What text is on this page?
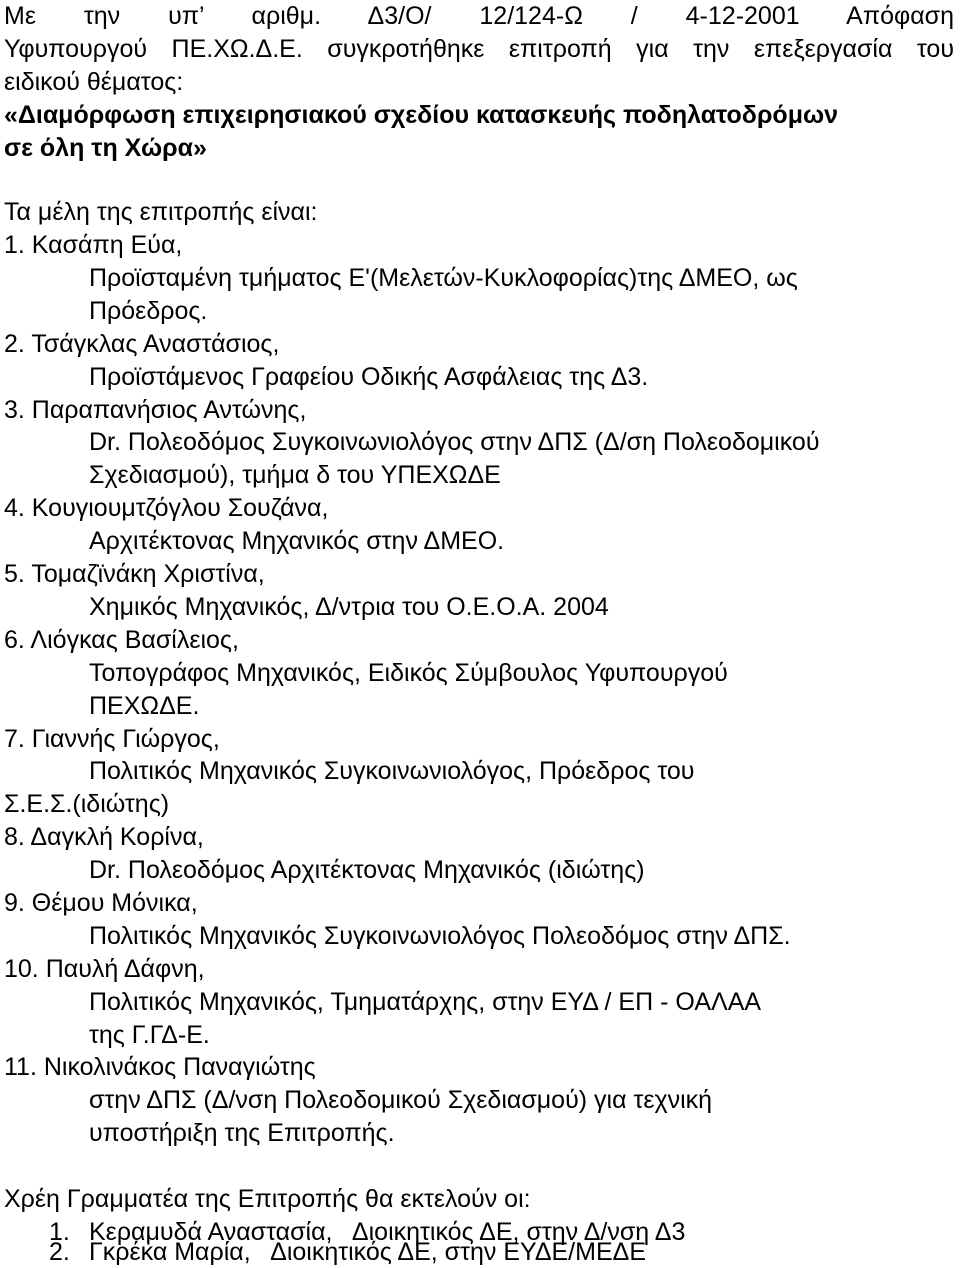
Με την υπ’ αριθμ. Δ3/Ο/ 12/124-Ω / 4-12-2001 Απόφαση
Υφυπουργού ΠΕ.ΧΩ.Δ.Ε. συγκροτήθηκε επιτροπή για την επεξεργασία του
ειδικού θέματος:
«Διαμόρφωση επιχειρησιακού σχεδίου κατασκευής ποδηλατοδρόμων
σε όλη τη Χώρα»
Τα μέλη της επιτροπής είναι:
1. Κασάπη Εύα,
Προϊσταμένη τμήματος Ε'(Μελετών-Κυκλοφορίας)της ΔΜΕΟ, ως
Πρόεδρος.
2. Τσάγκλας Αναστάσιος,
Προϊστάμενος Γραφείου Οδικής Ασφάλειας της Δ3.
3. Παραπανήσιος Αντώνης,
Dr. Πολεοδόμος Συγκοινωνιολόγος στην ΔΠΣ (Δ/ση Πολεοδομικού
Σχεδιασμού), τμήμα δ του ΥΠΕΧΩΔΕ
4. Κουγιουμτζόγλου Σουζάνα,
Αρχιτέκτονας Μηχανικός στην ΔΜΕΟ.
5. Τομαζϊνάκη Χριστίνα,
Χημικός Μηχανικός, Δ/ντρια του Ο.Ε.Ο.Α. 2004
6. Λιόγκας Βασίλειος,
Τοπογράφος Μηχανικός, Ειδικός Σύμβουλος Υφυπουργού
ΠΕΧΩΔΕ.
7. Γιαννής Γιώργος,
Πολιτικός Μηχανικός Συγκοινωνιολόγος, Πρόεδρος του
Σ.Ε.Σ.(ιδιώτης)
8. Δαγκλή Κορίνα,
Dr. Πολεοδόμος Αρχιτέκτονας Μηχανικός (ιδιώτης)
9. Θέμου Μόνικα,
Πολιτικός Μηχανικός Συγκοινωνιολόγος Πολεοδόμος στην ΔΠΣ.
10. Παυλή Δάφνη,
Πολιτικός Μηχανικός, Τμηματάρχης, στην ΕΥΔ / ΕΠ - ΟΑΛΑΑ
της Γ.ΓΔ-Ε.
11. Νικολινάκος Παναγιώτης
στην ΔΠΣ (Δ/νση Πολεοδομικού Σχεδιασμού) για τεχνική
υποστήριξη της Επιτροπής.
Χρέη Γραμματέα της Επιτροπής θα εκτελούν οι:
1. Κεραμυδά Αναστασία,   Διοικητικός ΔΕ, στην Δ/νση Δ3
2. Γκρέκα Μαρία,   Διοικητικός ΔΕ, στην ΕΥΔΕ/ΜΕΔΕ
